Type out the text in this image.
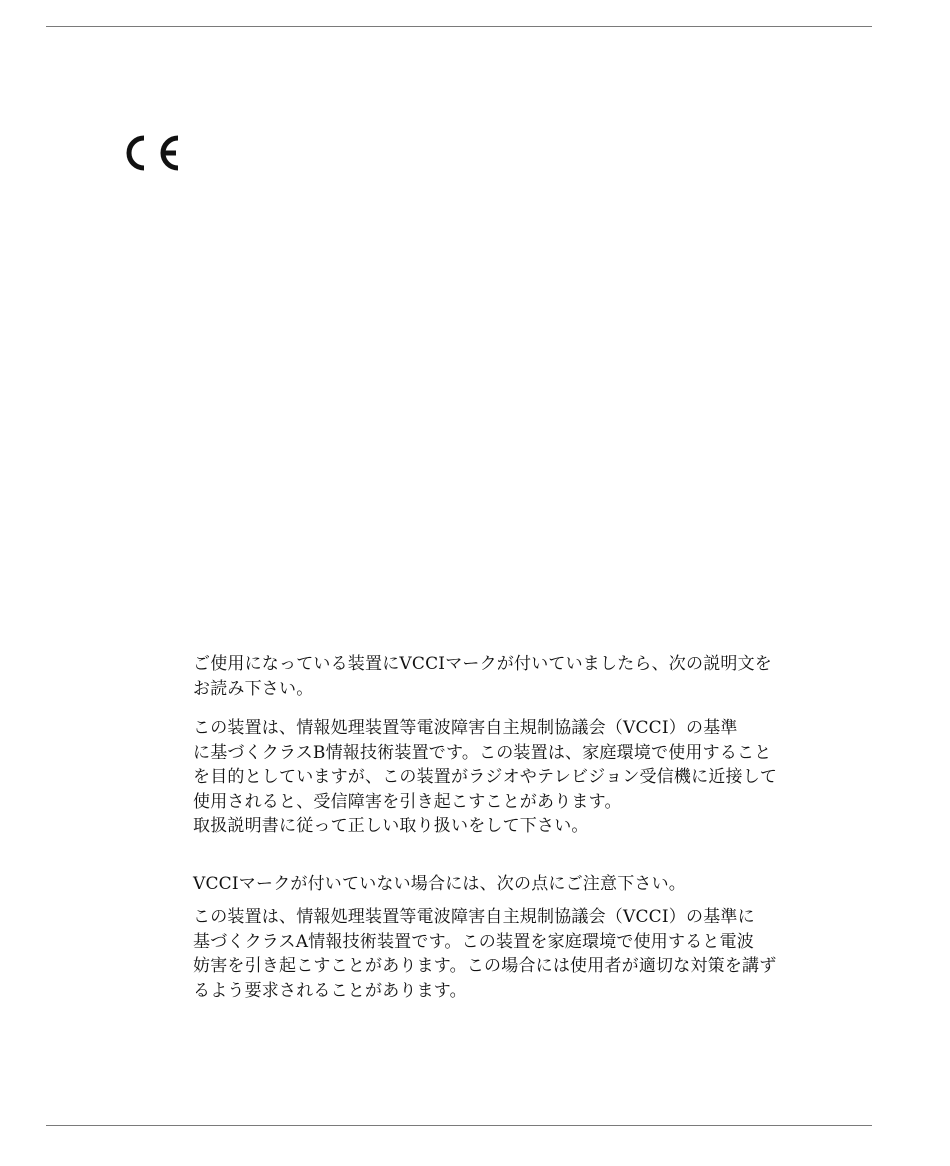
ご使用になっている装置にVCCIマークが付いていましたら、次の説明文を

お読み下さい。

この装置は、情報処理装置等電波障害自主規制協議会（VCCI）の基準

に基づくクラスB情報技術装置です。この装置は、家庭環境で使用すること

を目的としていますが、この装置がラジオやテレビジョン受信機に近接して

使用されると、受信障害を引き起こすことがあります。

取扱説明書に従って正しい取り扱いをして下さい。

VCCIマークが付いていない場合には、次の点にご注意下さい。

この装置は、情報処理装置等電波障害自主規制協議会（VCCI）の基準に

基づくクラスA情報技術装置です。この装置を家庭環境で使用すると電波

妨害を引き起こすことがあります。この場合には使用者が適切な対策を講ず

るよう要求されることがあります。
